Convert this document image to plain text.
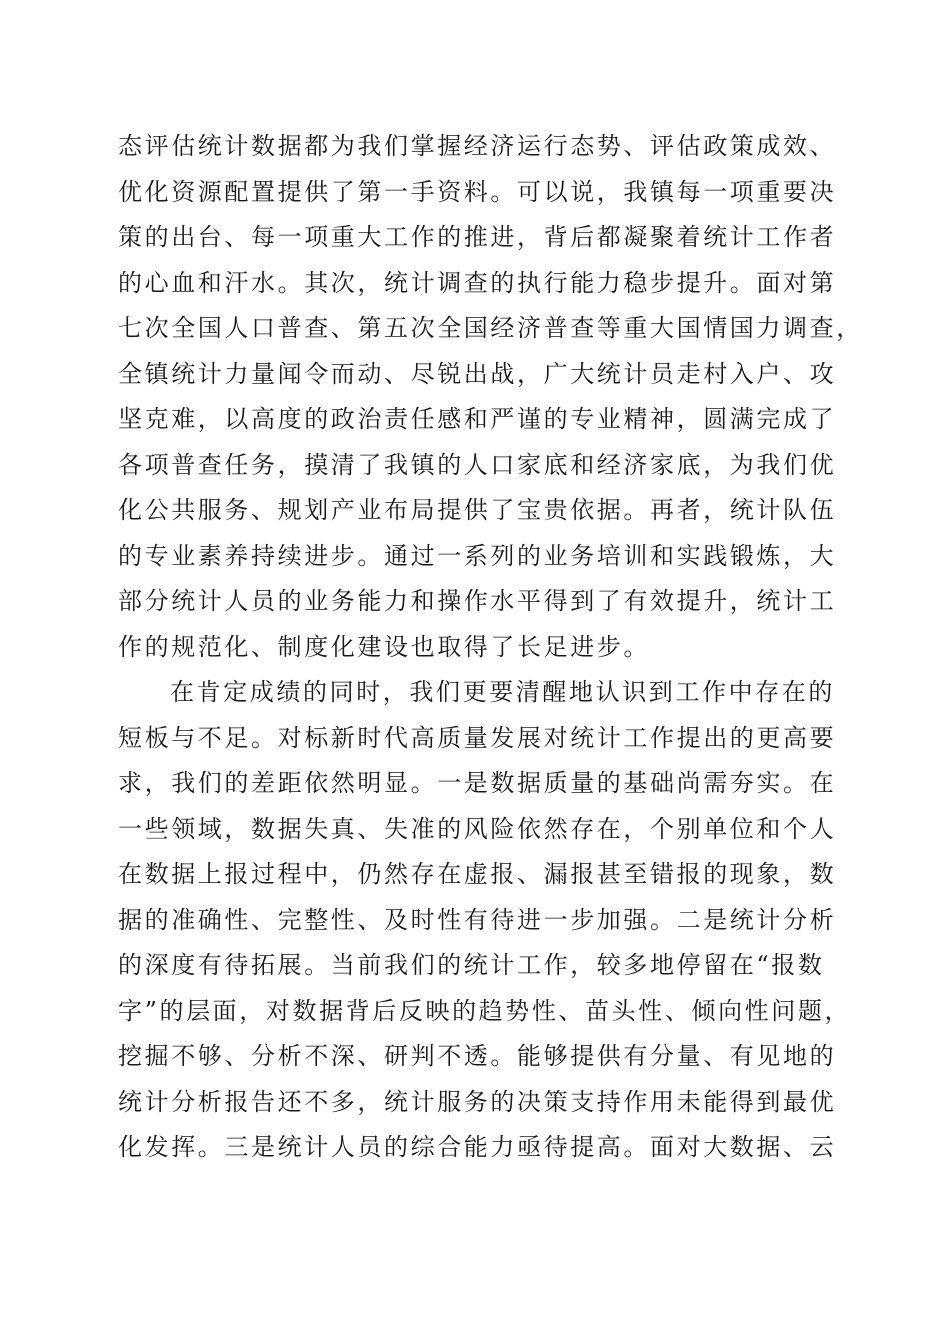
态评估统计数据都为我们掌握经济运行态势、评估政策成效、
优化资源配置提供了第一手资料。可以说，我镇每一项重要决
策的出台、每一项重大工作的推进，背后都凝聚着统计工作者
的心血和汗水。其次，统计调查的执行能力稳步提升。面对第
七次全国人口普查、第五次全国经济普查等重大国情国力调查，
全镇统计力量闻令而动、尽锐出战，广大统计员走村入户、攻
坚克难，以高度的政治责任感和严谨的专业精神，圆满完成了
各项普查任务，摸清了我镇的人口家底和经济家底，为我们优
化公共服务、规划产业布局提供了宝贵依据。再者，统计队伍
的专业素养持续进步。通过一系列的业务培训和实践锻炼，大
部分统计人员的业务能力和操作水平得到了有效提升，统计工
作的规范化、制度化建设也取得了长足进步。
在肯定成绩的同时，我们更要清醒地认识到工作中存在的
短板与不足。对标新时代高质量发展对统计工作提出的更高要
求，我们的差距依然明显。一是数据质量的基础尚需夯实。在
一些领域，数据失真、失准的风险依然存在，个别单位和个人
在数据上报过程中，仍然存在虚报、漏报甚至错报的现象，数
据的准确性、完整性、及时性有待进一步加强。二是统计分析
的深度有待拓展。当前我们的统计工作，较多地停留在“报数
字”的层面，对数据背后反映的趋势性、苗头性、倾向性问题，
挖掘不够、分析不深、研判不透。能够提供有分量、有见地的
统计分析报告还不多，统计服务的决策支持作用未能得到最优
化发挥。三是统计人员的综合能力亟待提高。面对大数据、云
